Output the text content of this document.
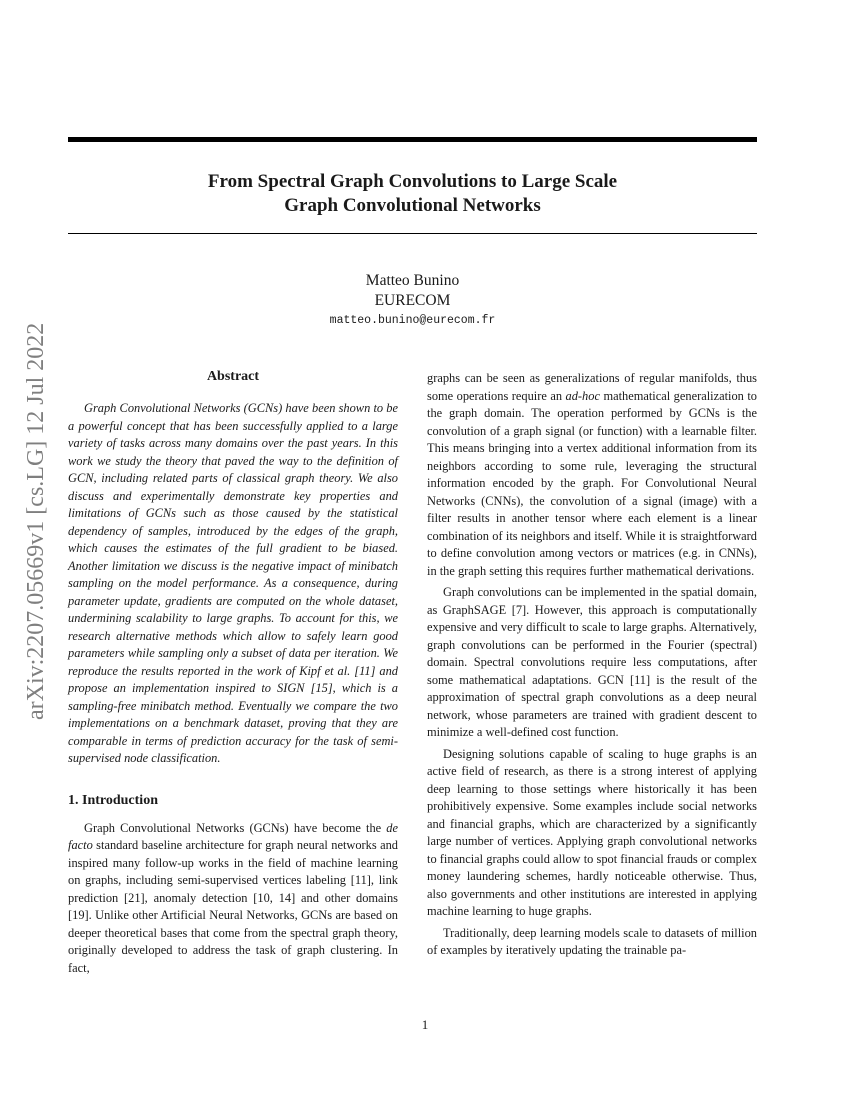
From Spectral Graph Convolutions to Large Scale
Graph Convolutional Networks
Matteo Bunino
EURECOM
matteo.bunino@eurecom.fr
arXiv:2207.05669v1 [cs.LG] 12 Jul 2022	Abstract

Graph Convolutional Networks (GCNs) have been shown to be a powerful concept that has been successfully applied to a large variety of tasks across many domains over the past years. In this work we study the theory that paved the way to the definition of GCN, including related parts of classical graph theory. We also discuss and experimentally demonstrate key properties and limitations of GCNs such as those caused by the statistical dependency of samples, introduced by the edges of the graph, which causes the estimates of the full gradient to be biased. Another limitation we discuss is the negative impact of minibatch sampling on the model performance. As a consequence, during parameter update, gradients are computed on the whole dataset, undermining scalability to large graphs. To account for this, we research alternative methods which allow to safely learn good parameters while sampling only a subset of data per iteration. We reproduce the results reported in the work of Kipf et al. [11] and propose an implementation inspired to SIGN [15], which is a sampling-free minibatch method. Eventually we compare the two implementations on a benchmark dataset, proving that they are comparable in terms of prediction accuracy for the task of semi-supervised node classification.

1. Introduction

Graph Convolutional Networks (GCNs) have become the de facto standard baseline architecture for graph neural networks and inspired many follow-up works in the field of machine learning on graphs, including semi-supervised vertices labeling [11], link prediction [21], anomaly detection [10, 14] and other domains [19]. Unlike other Artificial Neural Networks, GCNs are based on deeper theoretical bases that come from the spectral graph theory, originally developed to address the task of graph clustering. In fact,

graphs can be seen as generalizations of regular manifolds, thus some operations require an ad-hoc mathematical generalization to the graph domain. The operation performed by GCNs is the convolution of a graph signal (or function) with a learnable filter. This means bringing into a vertex additional information from its neighbors according to some rule, leveraging the structural information encoded by the graph. For Convolutional Neural Networks (CNNs), the convolution of a signal (image) with a filter results in another tensor where each element is a linear combination of its neighbors and itself. While it is straightforward to define convolution among vectors or matrices (e.g. in CNNs), in the graph setting this requires further mathematical derivations.

Graph convolutions can be implemented in the spatial domain, as GraphSAGE [7]. However, this approach is computationally expensive and very difficult to scale to large graphs. Alternatively, graph convolutions can be performed in the Fourier (spectral) domain. Spectral convolutions require less computations, after some mathematical adaptations. GCN [11] is the result of the approximation of spectral graph convolutions as a deep neural network, whose parameters are trained with gradient descent to minimize a well-defined cost function.

Designing solutions capable of scaling to huge graphs is an active field of research, as there is a strong interest of applying deep learning to those settings where historically it has been prohibitively expensive. Some examples include social networks and financial graphs, which are characterized by a significantly large number of vertices. Applying graph convolutional networks to financial graphs could allow to spot financial frauds or complex money laundering schemes, hardly noticeable otherwise. Thus, also governments and other institutions are interested in applying machine learning to huge graphs.

Traditionally, deep learning models scale to datasets of million of examples by iteratively updating the trainable pa-

1
